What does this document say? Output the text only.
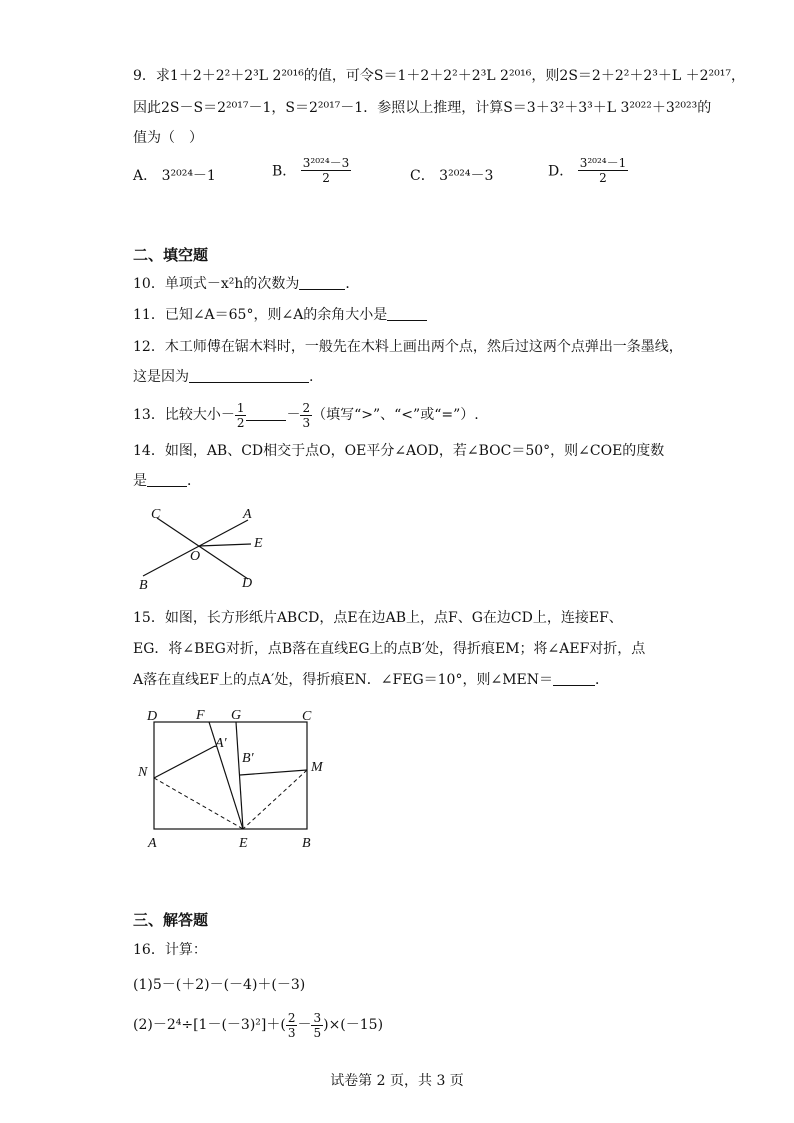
9．求1＋2＋2²＋2³L 2²⁰¹⁶的值，可令S＝1＋2＋2²＋2³L 2²⁰¹⁶，则2S＝2＋2²＋2³＋L ＋2²⁰¹⁷，
因此2S－S＝2²⁰¹⁷－1，S＝2²⁰¹⁷－1．参照以上推理，计算S＝3＋3²＋3³＋L 3²⁰²²＋3²⁰²³的
值为（　）
A． 3²⁰²⁴－1	B． $\frac{\text{3²⁰²⁴－3}}{2}$	C． 3²⁰²⁴－3	D． $\frac{\text{3²⁰²⁴－1}}{2}$
二、填空题
10．单项式－x²h的次数为	．
11．已知∠A＝65°，则∠A的余角大小是
12．木工师傅在锯木料时，一般先在木料上画出两个点，然后过这两个点弹出一条墨线，
这是因为	.
13．比较大小－ $\frac{1}{2}$	－ $\frac{2}{3}$ （填写“>”、“<”或“=”）.
14．如图，AB、CD相交于点O，OE平分∠AOD，若∠BOC＝50°，则∠COE的度数
是	．
C	A
E
O
B	D
15．如图，长方形纸片ABCD，点E在边AB上，点F、G在边CD上，连接EF、
EG．将∠BEG对折，点B落在直线EG上的点B′处，得折痕EM；将∠AEF对折，点
A落在直线EF上的点A′处，得折痕EN．∠FEG＝10°，则∠MEN＝	．
D	F G	C
A′
B′
N	M
A	E	B
三、解答题
16．计算：
(1)5－(＋2)－(－4)＋(－3)
$(2)-2^4\div[1-(-3)^2]+( \frac{2}{3} - \frac{3}{5} )\times(-15)$
试卷第 2 页，共 3 页
